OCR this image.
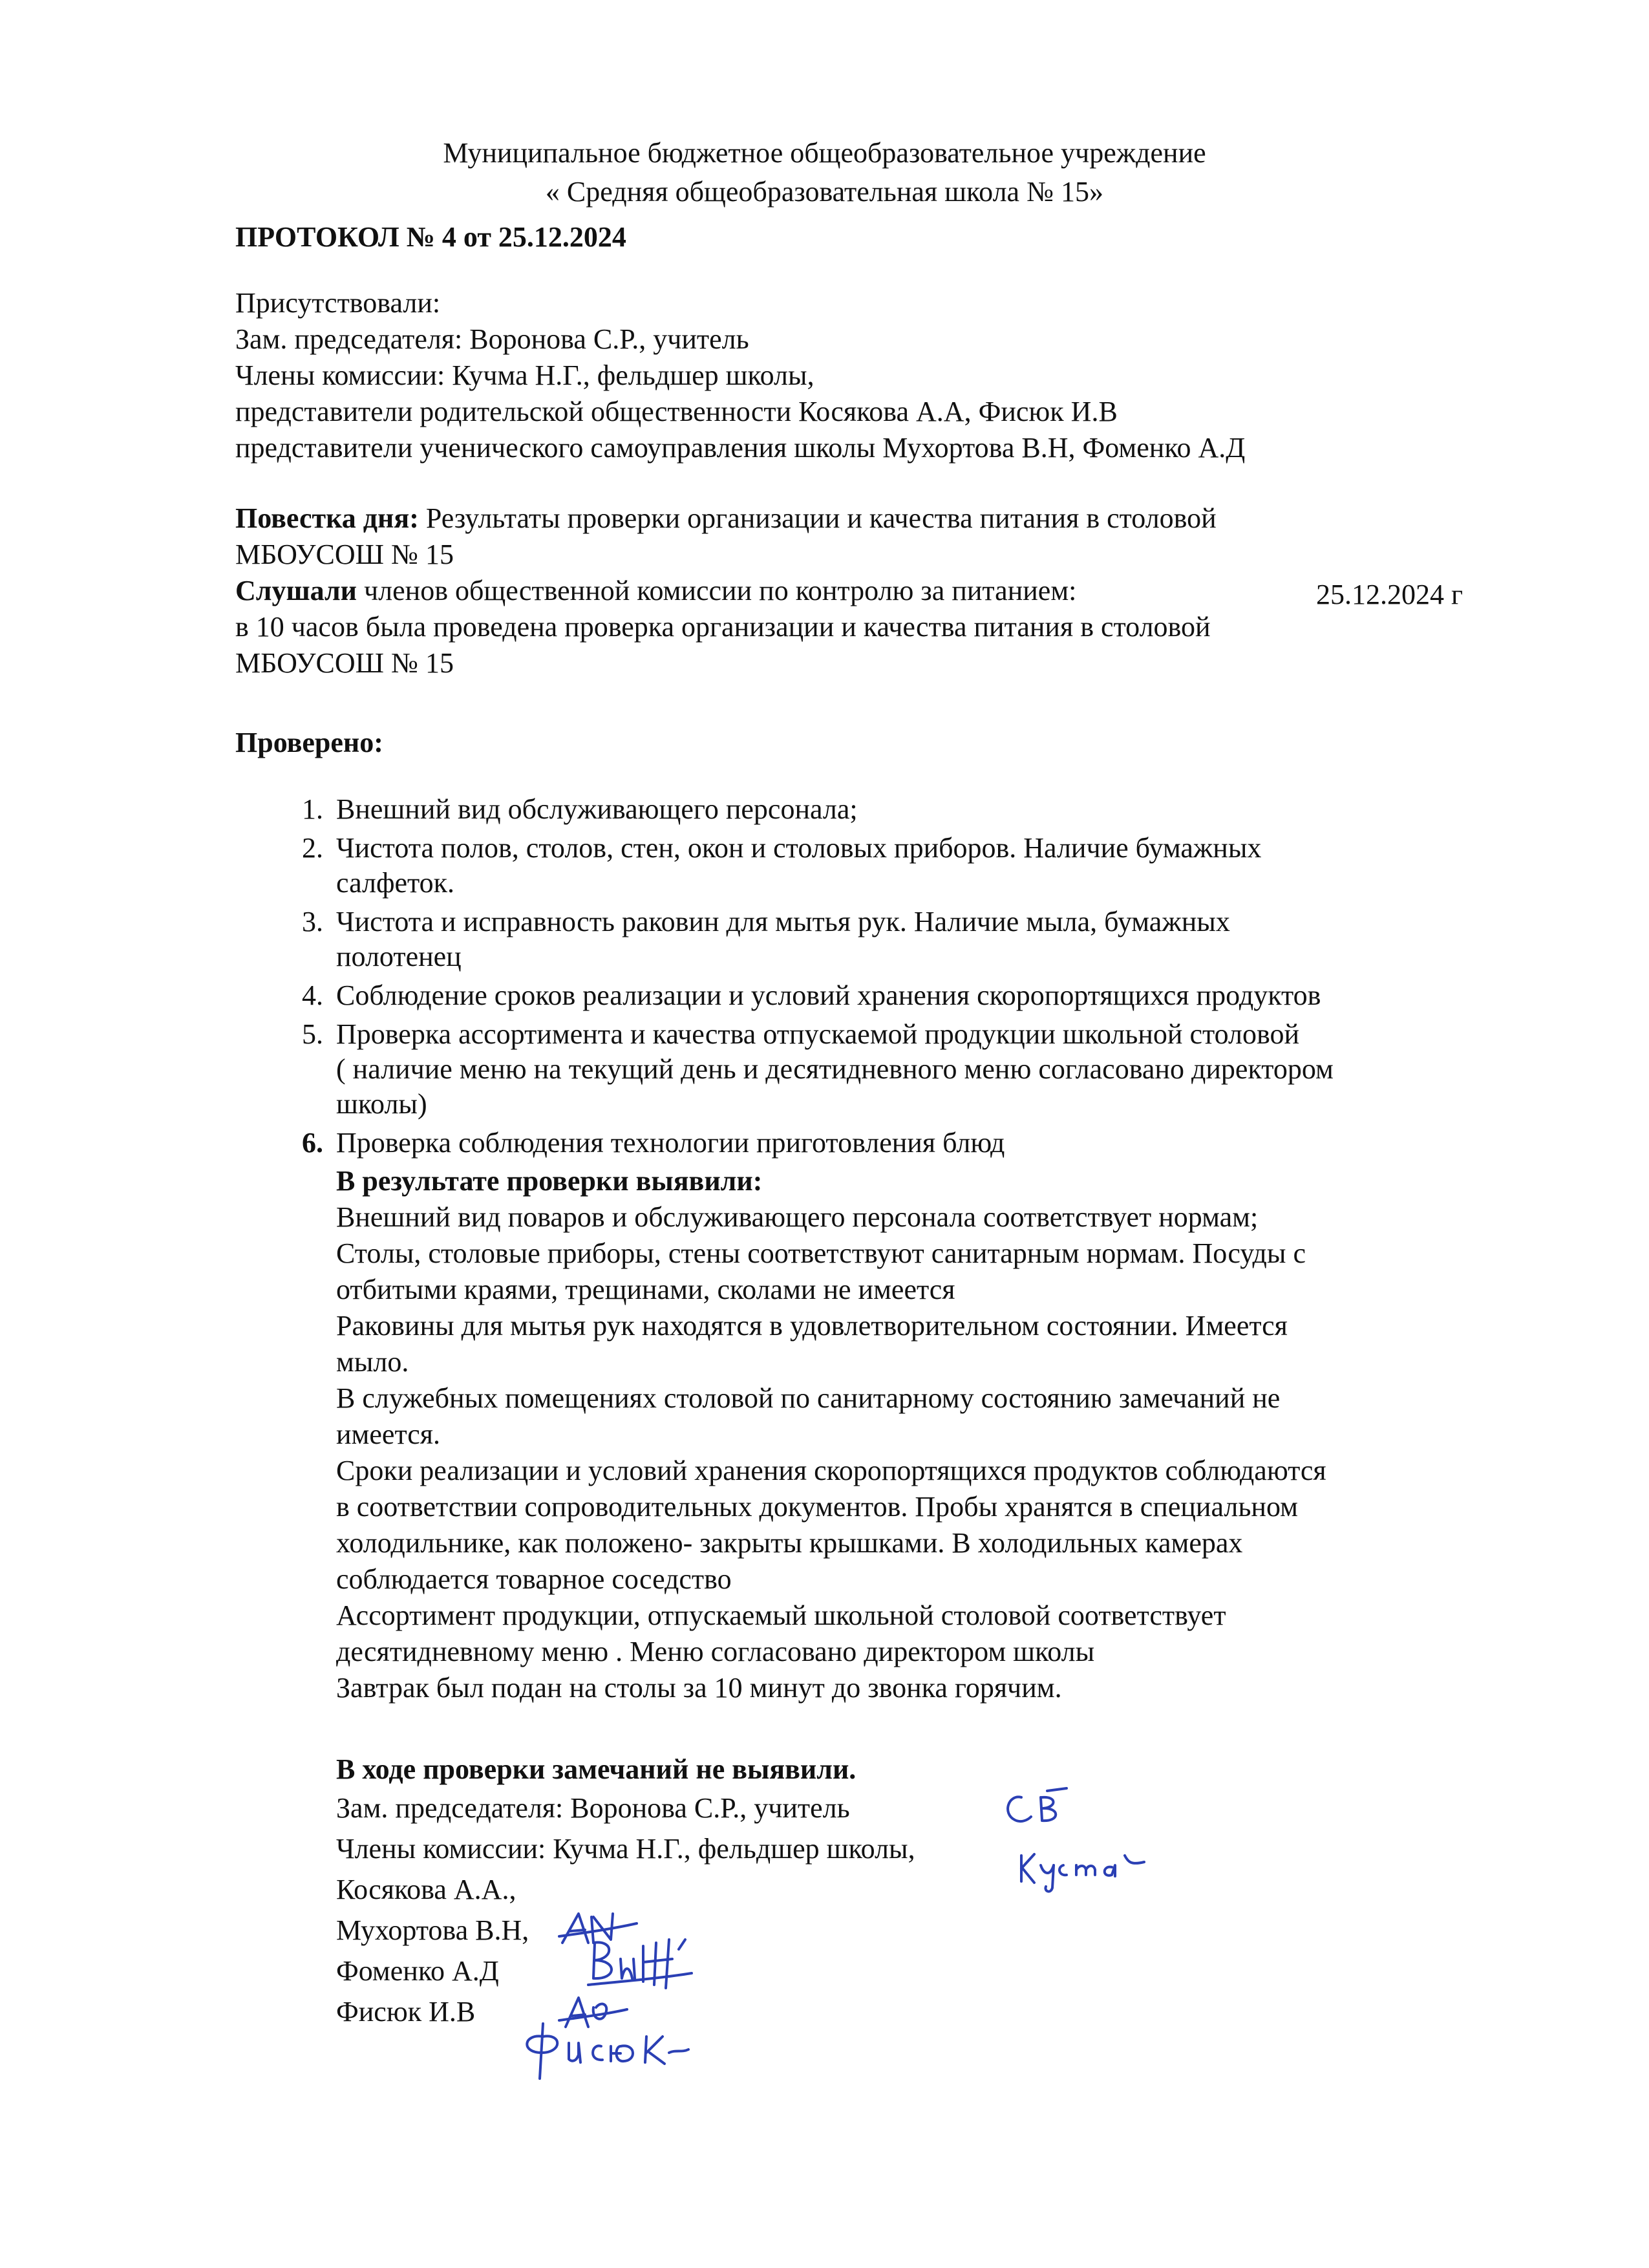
Муниципальное бюджетное общеобразовательное учреждение
« Средняя общеобразовательная школа № 15»
ПРОТОКОЛ № 4 от 25.12.2024
Присутствовали:
Зам. председателя: Воронова С.Р., учитель
Члены комиссии: Кучма Н.Г., фельдшер школы,
представители родительской общественности Косякова А.А, Фисюк И.В
представители ученического самоуправления школы Мухортова В.Н, Фоменко А.Д
Повестка дня: Результаты проверки организации и качества питания в столовой
МБОУСОШ № 15
Слушали членов общественной комиссии по контролю за питанием:
в 10 часов была проведена проверка организации и качества питания в столовой
МБОУСОШ № 15
25.12.2024 г
Проверено:
1. Внешний вид обслуживающего персонала;
2. Чистота полов, столов, стен, окон и столовых приборов. Наличие бумажных
салфеток.
3. Чистота и исправность раковин для мытья рук. Наличие мыла, бумажных
полотенец
4. Соблюдение сроков реализации и условий хранения скоропортящихся продуктов
5. Проверка ассортимента и качества отпускаемой продукции школьной столовой
( наличие меню на текущий день и десятидневного меню согласовано директором
школы)
6. Проверка соблюдения технологии приготовления блюд
В результате проверки выявили:
Внешний вид поваров и обслуживающего персонала соответствует нормам;
Столы, столовые приборы, стены соответствуют санитарным нормам. Посуды с
отбитыми краями, трещинами, сколами не имеется
Раковины для мытья рук находятся в удовлетворительном состоянии. Имеется
мыло.
В служебных помещениях столовой по санитарному состоянию замечаний не
имеется.
Сроки реализации и условий хранения скоропортящихся продуктов соблюдаются
в соответствии сопроводительных документов. Пробы хранятся в специальном
холодильнике, как положено- закрыты крышками. В холодильных камерах
соблюдается товарное соседство
Ассортимент продукции, отпускаемый школьной столовой соответствует
десятидневному меню . Меню согласовано директором школы
Завтрак был подан на столы за 10 минут до звонка горячим.
В ходе проверки замечаний не выявили.
Зам. председателя: Воронова С.Р., учитель
Члены комиссии: Кучма Н.Г., фельдшер школы,
Косякова А.А.,
Мухортова В.Н,
Фоменко А.Д
Фисюк И.В
